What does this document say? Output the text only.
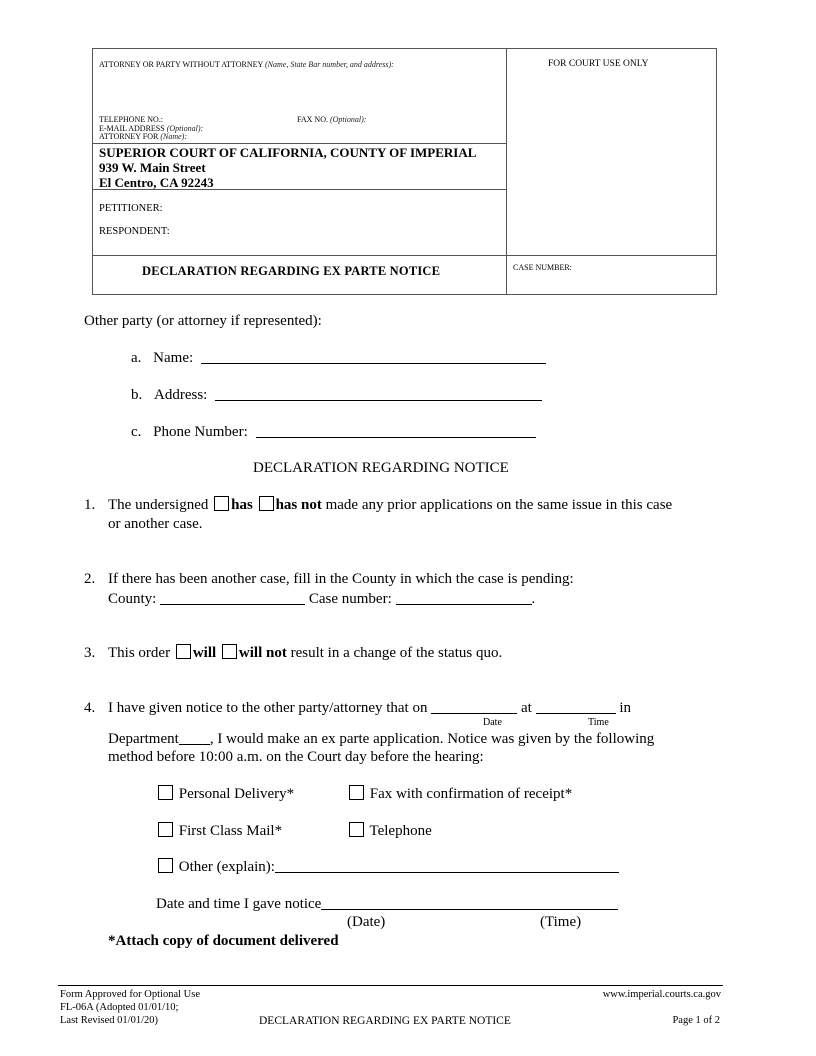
ATTORNEY OR PARTY WITHOUT ATTORNEY (Name, State Bar number, and address):	FOR COURT USE ONLY
TELEPHONE NO.:	FAX NO. (Optional):
E-MAIL ADDRESS (Optional):
ATTORNEY FOR (Name):
SUPERIOR COURT OF CALIFORNIA, COUNTY OF IMPERIAL
939 W. Main Street
El Centro, CA 92243
PETITIONER:
RESPONDENT:
DECLARATION REGARDING EX PARTE NOTICE	CASE NUMBER:
Other party (or attorney if represented):
a. Name:
b. Address:
c. Phone Number:
DECLARATION REGARDING NOTICE
1. The undersigned has has not made any prior applications on the same issue in this case
or another case.
2. If there has been another case, fill in the County in which the case is pending:
County:	Case number:	.
3. This order will will not result in a change of the status quo.
4. I have given notice to the other party/attorney that on	at	in
Date	Time
Department , I would make an ex parte application. Notice was given by the following
method before 10:00 a.m. on the Court day before the hearing:
Personal Delivery*	Fax with confirmation of receipt*
First Class Mail*	Telephone
Other (explain):
Date and time I gave notice
(Date)	(Time)
*Attach copy of document delivered
Form Approved for Optional Use
FL-06A (Adopted 01/01/10;
Last Revised 01/01/20)	DECLARATION REGARDING EX PARTE NOTICE
www.imperial.courts.ca.gov
Page 1 of 2
